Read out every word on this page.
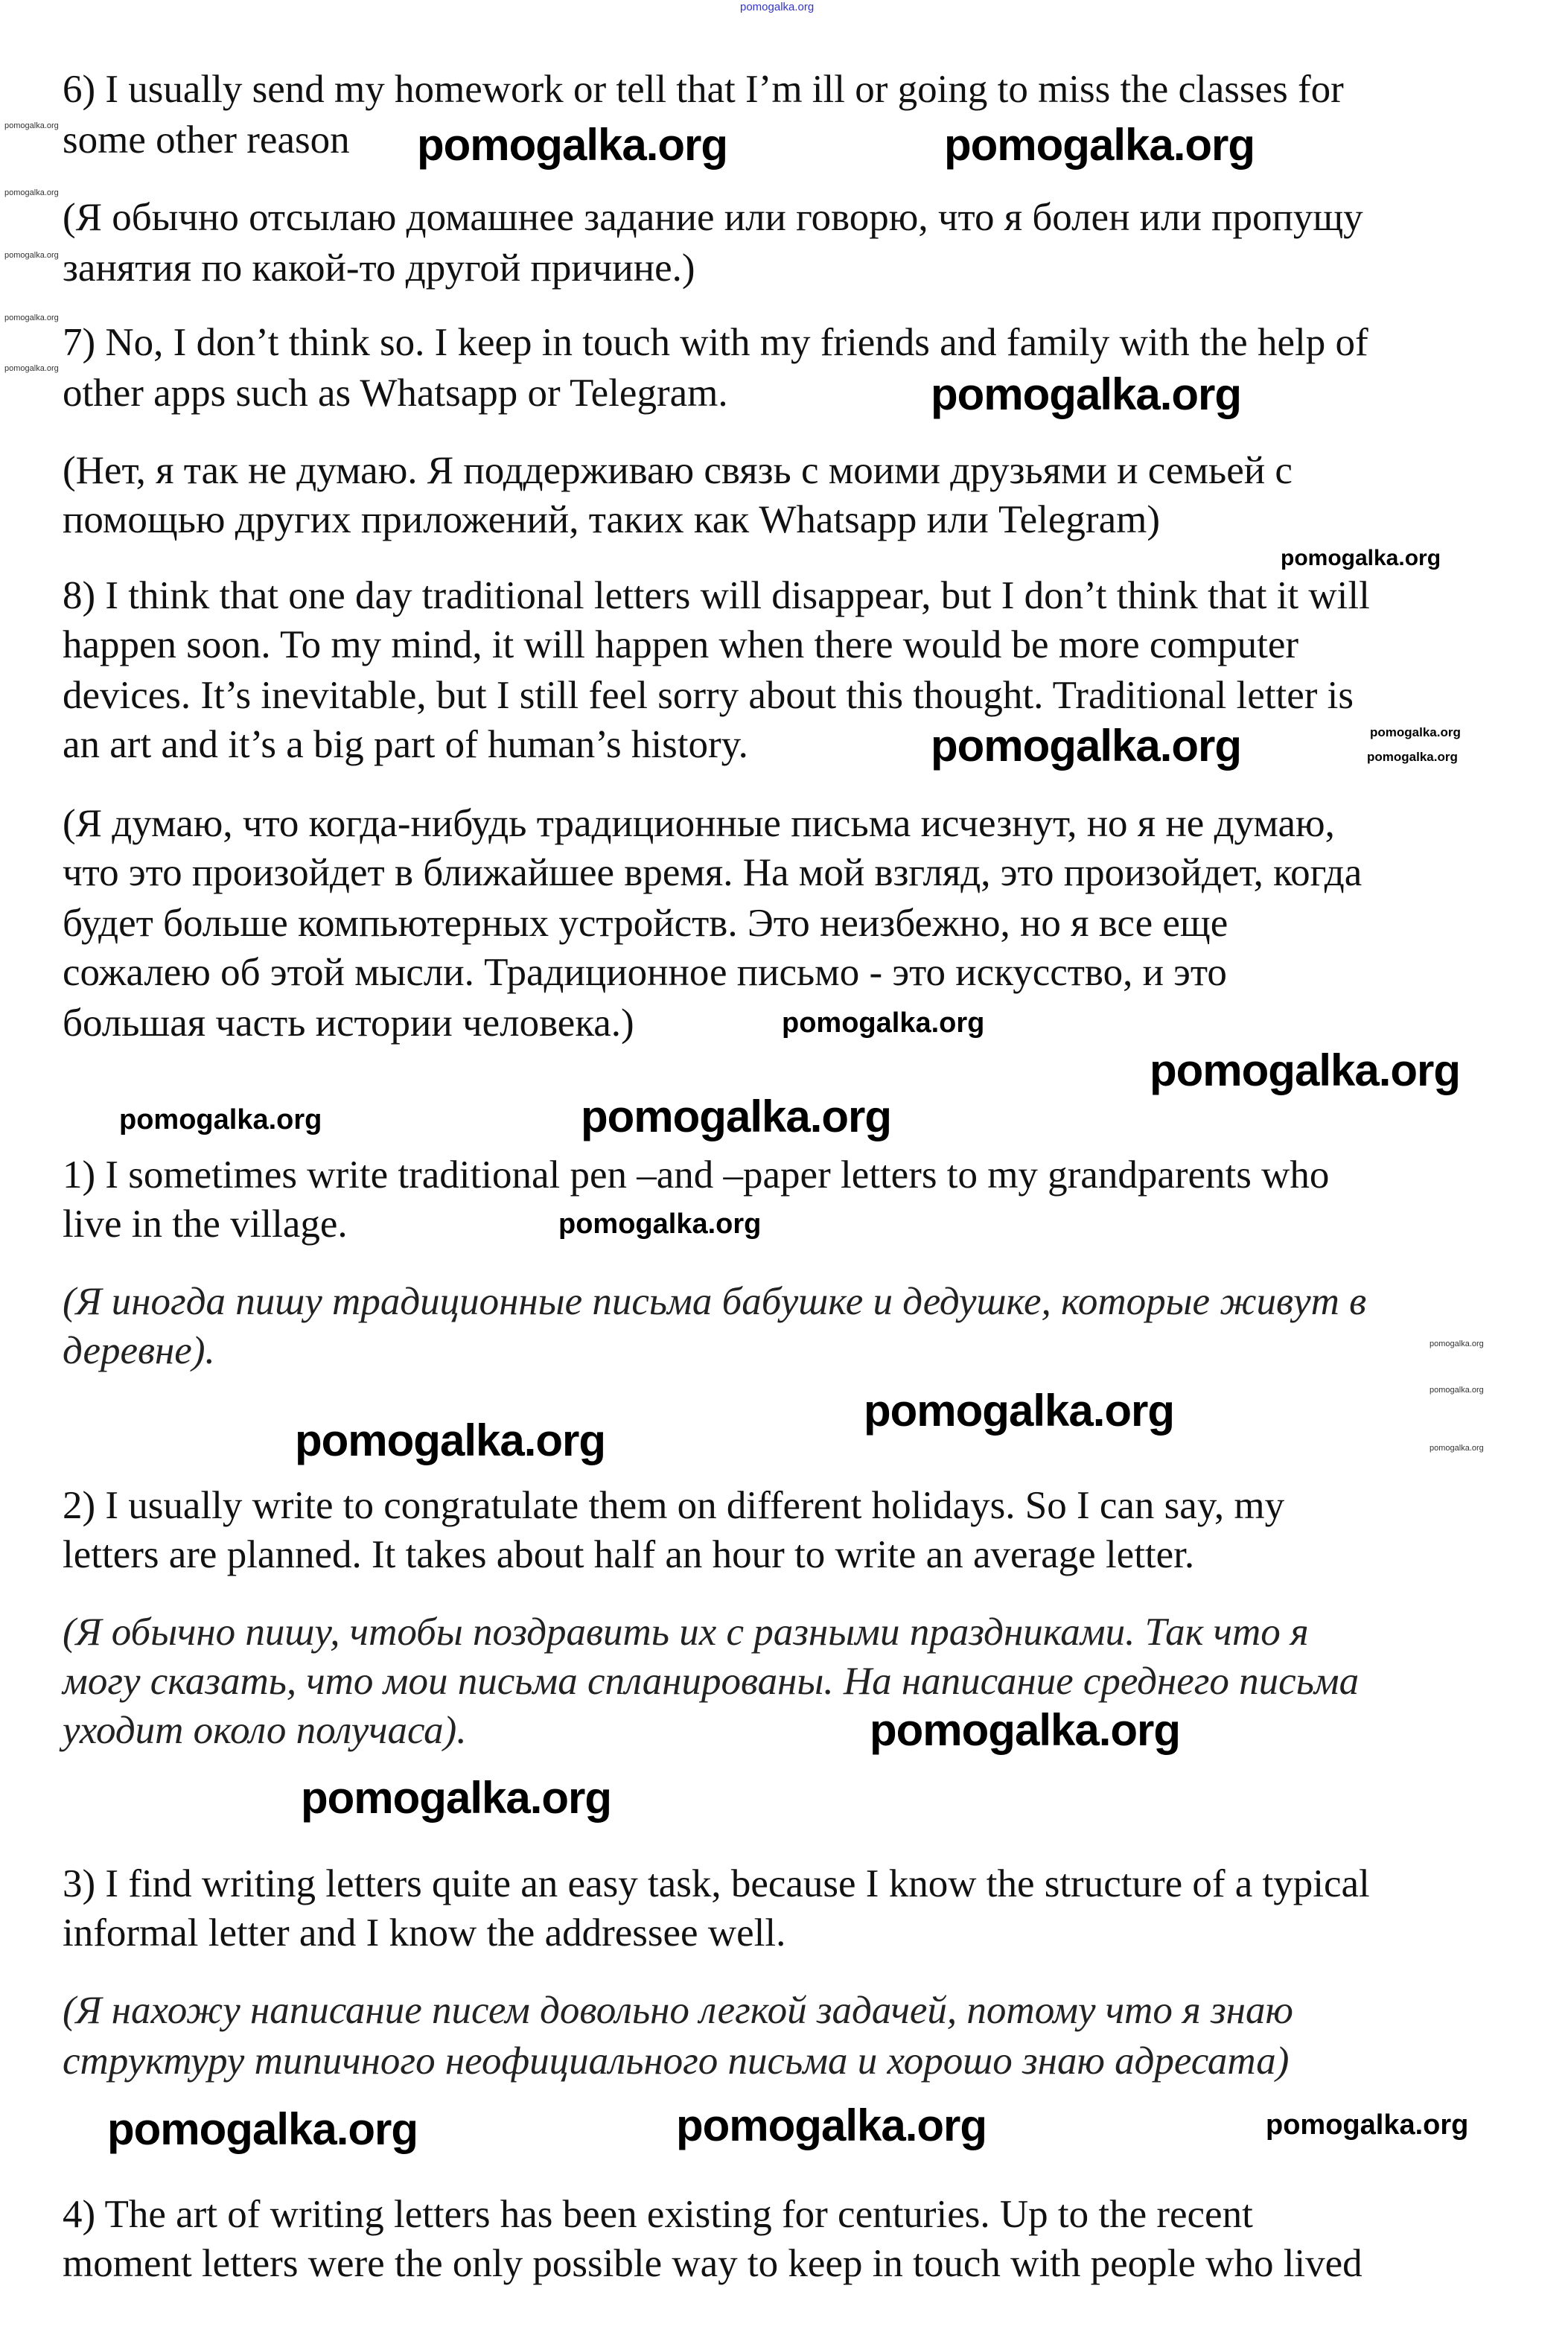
6) I usually send my homework or tell that I’m ill or going to miss the classes for
some other reason
(Я обычно отсылаю домашнее задание или говорю, что я болен или пропущу
занятия по какой-то другой причине.)
7) No, I don’t think so. I keep in touch with my friends and family with the help of
other apps such as Whatsapp or Telegram.
(Нет, я так не думаю. Я поддерживаю связь с моими друзьями и семьей с
помощью других приложений, таких как Whatsapp или Telegram)
8) I think that one day traditional letters will disappear, but I don’t think that it will
happen soon. To my mind, it will happen when there would be more computer
devices. It’s inevitable, but I still feel sorry about this thought. Traditional letter is
an art and it’s a big part of human’s history.
(Я думаю, что когда-нибудь традиционные письма исчезнут, но я не думаю,
что это произойдет в ближайшее время. На мой взгляд, это произойдет, когда
будет больше компьютерных устройств. Это неизбежно, но я все еще
сожалею об этой мысли. Традиционное письмо - это искусство, и это
большая часть истории человека.)
1) I sometimes write traditional pen –and –paper letters to my grandparents who
live in the village.
(Я иногда пишу традиционные письма бабушке и дедушке, которые живут в
деревне).
2) I usually write to congratulate them on different holidays. So I can say, my
letters are planned. It takes about half an hour to write an average letter.
(Я обычно пишу, чтобы поздравить их с разными праздниками. Так что я
могу сказать, что мои письма спланированы. На написание среднего письма
уходит около получаса).
3) I find writing letters quite an easy task, because I know the structure of a typical
informal letter and I know the addressee well.
(Я нахожу написание писем довольно легкой задачей, потому что я знаю
структуру типичного неофициального письма и хорошо знаю адресата)
4) The art of writing letters has been existing for centuries. Up to the recent
moment letters were the only possible way to keep in touch with people who lived
pomogalka.org
pomogalka.org	pomogalka.org
pomogalka.org
pomogalka.org
pomogalka.org
pomogalka.org
pomogalka.org
pomogalka.org
pomogalka.org
pomogalka.org
pomogalka.org	pomogalka.org
pomogalka.org
pomogalka.org
pomogalka.org
pomogalka.org
pomogalka.org
pomogalka.org
pomogalka.org
pomogalka.org
pomogalka.org
pomogalka.org
pomogalka.org
pomogalka.org
pomogalka.org
pomogalka.org
pomogalka.org
